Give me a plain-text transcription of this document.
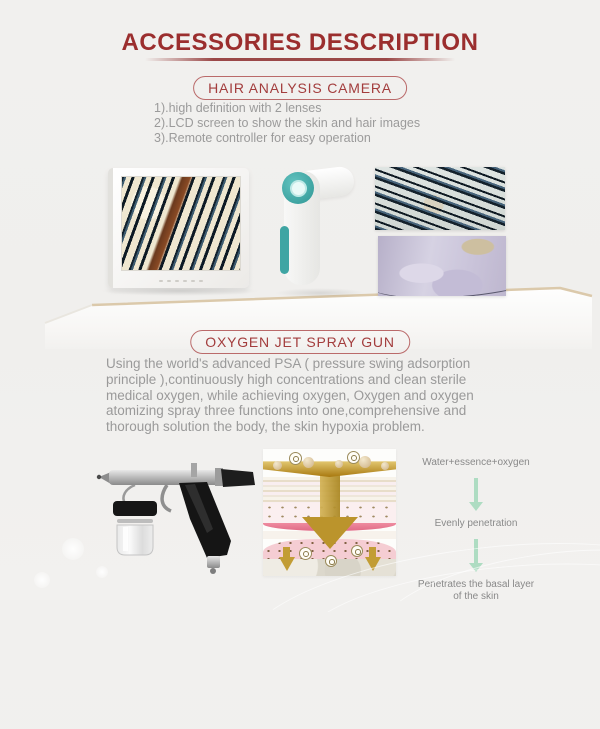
ACCESSORIES DESCRIPTION
HAIR ANALYSIS CAMERA
1).high definition with 2 lenses
2).LCD screen to show the skin and hair images
3).Remote controller for easy operation
OXYGEN JET SPRAY GUN
Using the world's advanced PSA ( pressure swing adsorption principle ),continuously high concentrations and clean sterile medical oxygen, while achieving oxygen, Oxygen and oxygen atomizing spray three functions into one,comprehensive and thorough solution the body, the skin hypoxia problem.
Water+essence+oxygen
Evenly penetration
Penetrates the basal layer of the skin
